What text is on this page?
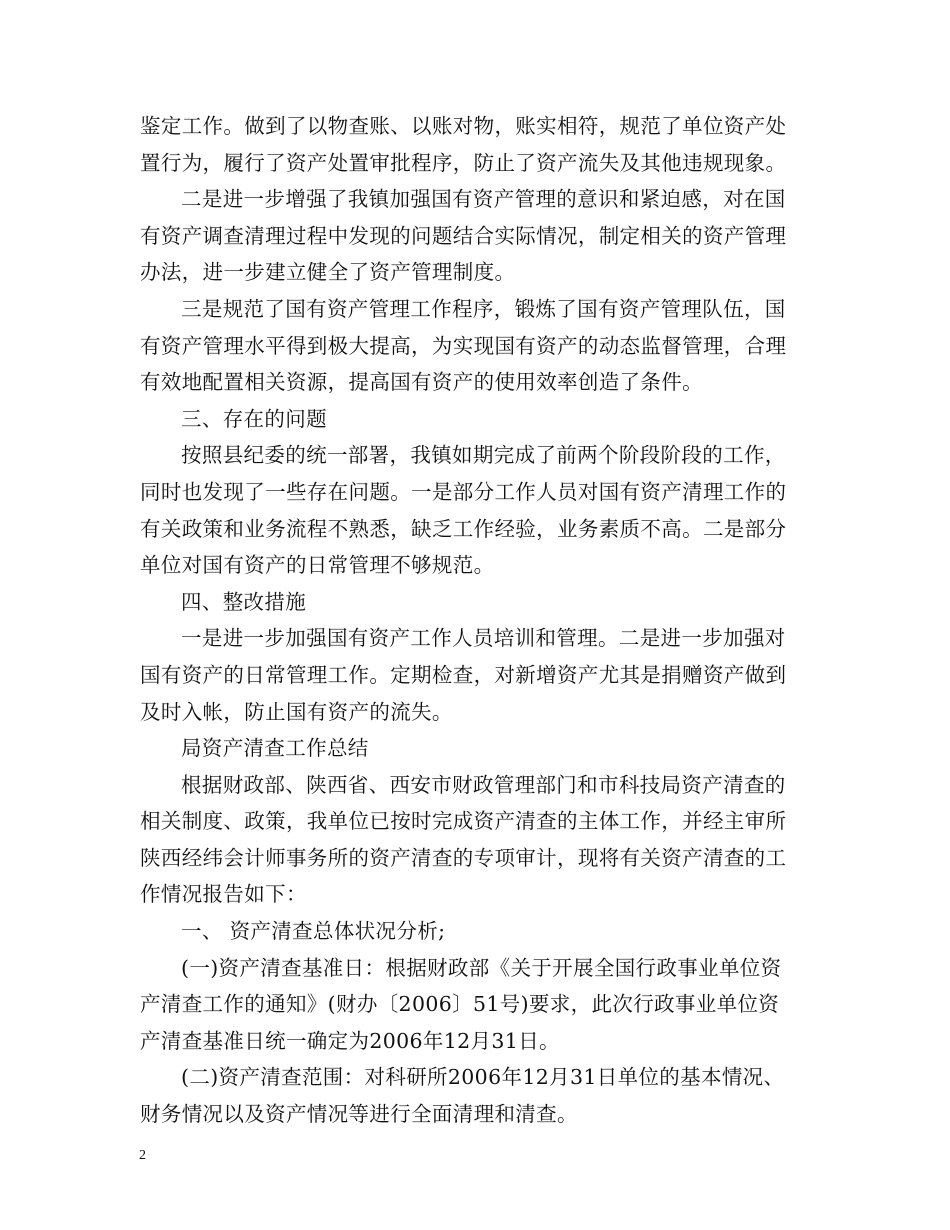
鉴定工作。做到了以物查账、以账对物，账实相符，规范了单位资产处
置行为，履行了资产处置审批程序，防止了资产流失及其他违规现象。
二是进一步增强了我镇加强国有资产管理的意识和紧迫感，对在国
有资产调查清理过程中发现的问题结合实际情况，制定相关的资产管理
办法，进一步建立健全了资产管理制度。
三是规范了国有资产管理工作程序，锻炼了国有资产管理队伍，国
有资产管理水平得到极大提高，为实现国有资产的动态监督管理，合理
有效地配置相关资源，提高国有资产的使用效率创造了条件。
三、存在的问题
按照县纪委的统一部署，我镇如期完成了前两个阶段阶段的工作，
同时也发现了一些存在问题。一是部分工作人员对国有资产清理工作的
有关政策和业务流程不熟悉，缺乏工作经验，业务素质不高。二是部分
单位对国有资产的日常管理不够规范。
四、整改措施
一是进一步加强国有资产工作人员培训和管理。二是进一步加强对
国有资产的日常管理工作。定期检查，对新增资产尤其是捐赠资产做到
及时入帐，防止国有资产的流失。
局资产清查工作总结
根据财政部、陕西省、西安市财政管理部门和市科技局资产清查的
相关制度、政策，我单位已按时完成资产清查的主体工作，并经主审所
陕西经纬会计师事务所的资产清查的专项审计，现将有关资产清查的工
作情况报告如下：
一、 资产清查总体状况分析;
(一)资产清查基准日：根据财政部《关于开展全国行政事业单位资
产清查工作的通知》(财办〔2006〕51号)要求，此次行政事业单位资
产清查基准日统一确定为2006年12月31日。
(二)资产清查范围：对科研所2006年12月31日单位的基本情况、
财务情况以及资产情况等进行全面清理和清查。
2
